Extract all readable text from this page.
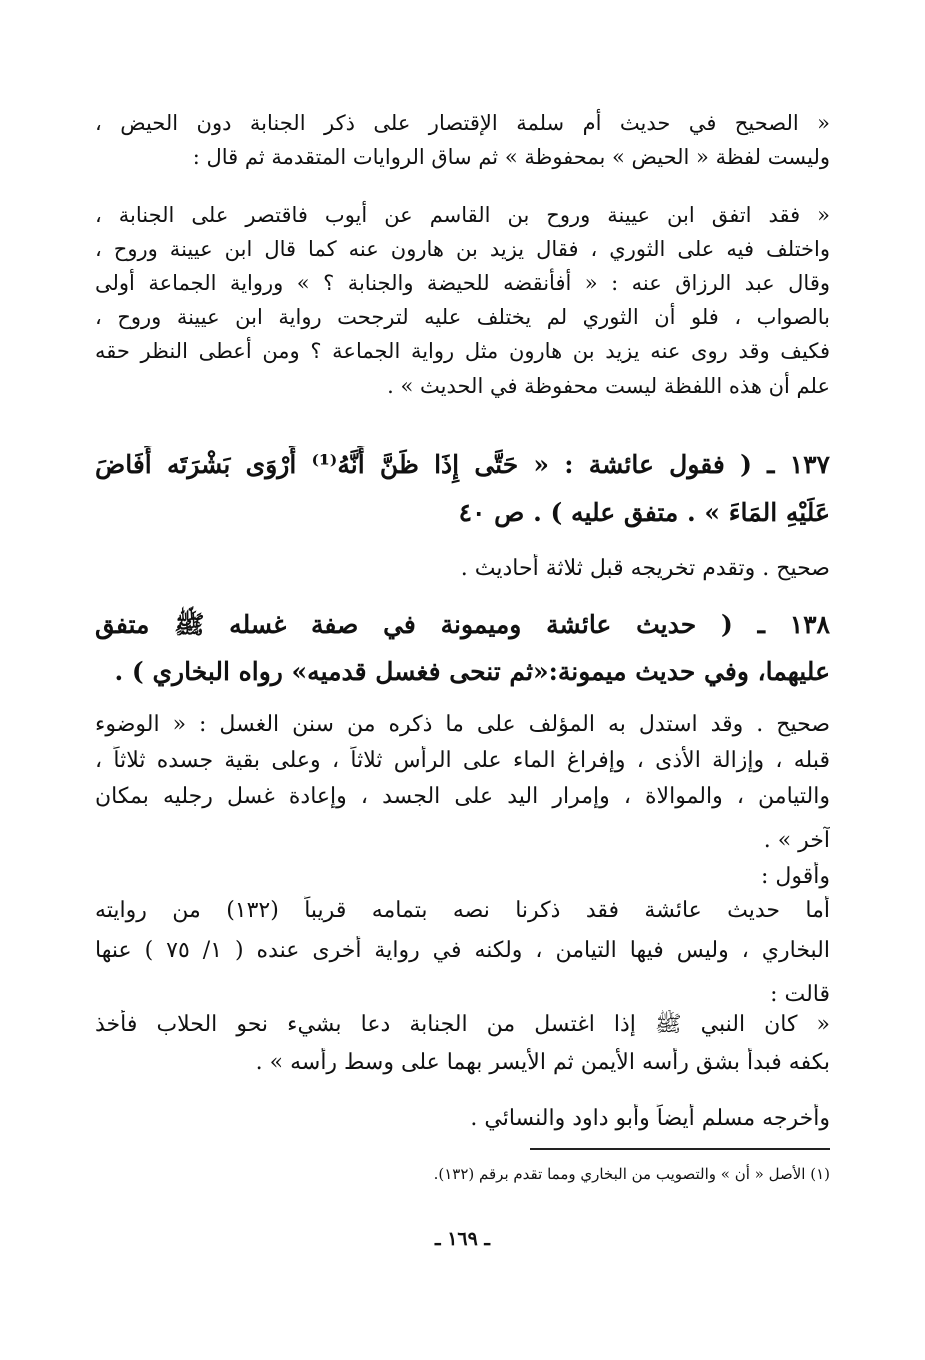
« الصحيح في حديث أم سلمة الإقتصار على ذكر الجنابة دون الحيض ،
وليست لفظة « الحيض » بمحفوظة » ثم ساق الروايات المتقدمة ثم قال :
« فقد اتفق ابن عيينة وروح بن القاسم عن أيوب فاقتصر على الجنابة ،
واختلف فيه على الثوري ، فقال يزيد بن هارون عنه كما قال ابن عيينة وروح ،
وقال عبد الرزاق عنه : « أفأنقضه للحيضة والجنابة ؟ » ورواية الجماعة أولى
بالصواب ، فلو أن الثوري لم يختلف عليه لترجحت رواية ابن عيينة وروح ،
فكيف وقد روى عنه يزيد بن هارون مثل رواية الجماعة ؟ ومن أعطى النظر حقه
علم أن هذه اللفظة ليست محفوظة في الحديث » .
١٣٧ ـ ( فقول عائشة : « حَتَّى إِذَا ظَنَّ أَنَّهُ⁽¹⁾ أَرْوَى بَشْرَتَه أَفَاضَ
عَلَيْهِ المَاءَ » . متفق عليه ) . ص ٤٠
صحيح . وتقدم تخريجه قبل ثلاثة أحاديث .
١٣٨ ـ ( حديث عائشة وميمونة في صفة غسله ﷺ متفق
عليهما، وفي حديث ميمونة:«ثم تنحى فغسل قدميه» رواه البخاري ) .
صحيح . وقد استدل به المؤلف على ما ذكره من سنن الغسل : « الوضوء
قبله ، وإزالة الأذى ، وإفراغ الماء على الرأس ثلاثاً ، وعلى بقية جسده ثلاثاً ،
والتيامن ، والموالاة ، وإمرار اليد على الجسد ، وإعادة غسل رجليه بمكان
آخر » .
وأقول :
أما حديث عائشة فقد ذكرنا نصه بتمامه قريباً (١٣٢) من روايته
البخاري ، وليس فيها التيامن ، ولكنه في رواية أخرى عنده ( ١/ ٧٥ ) عنها
قالت :
« كان النبي ﷺ إذا اغتسل من الجنابة دعا بشيء نحو الحلاب فأخذ
بكفه فبدأ بشق رأسه الأيمن ثم الأيسر بهما على وسط رأسه » .
وأخرجه مسلم أيضاً وأبو داود والنسائي .
(١) الأصل « أن » والتصويب من البخاري ومما تقدم برقم (١٣٢).
ـ ١٦٩ ـ
